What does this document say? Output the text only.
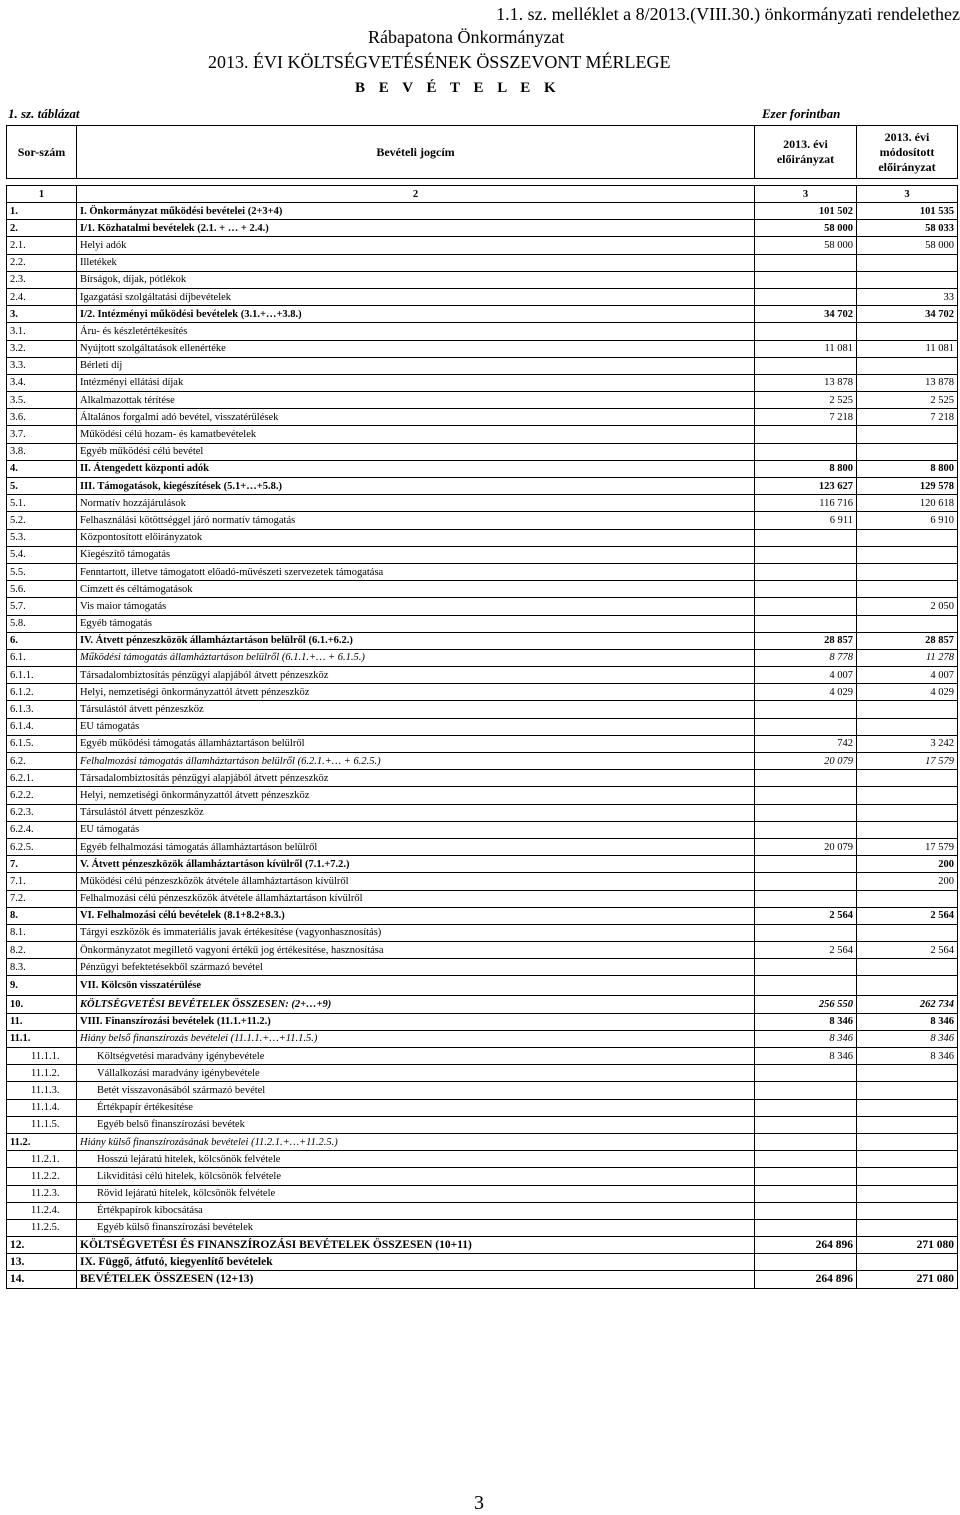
1.1. sz. melléklet a 8/2013.(VIII.30.) önkormányzati rendelethez
Rábapatona Önkormányzat
2013. ÉVI KÖLTSÉGVETÉSÉNEK ÖSSZEVONT MÉRLEGE
B E V É T E L E K
1. sz. táblázat	Ezer forintban
Sor-szám	Bevételi jogcím	2013. évi előirányzat	2013. évi módosított előirányzat

1	2	3	3
1.	I. Önkormányzat működési bevételei (2+3+4)	101 502	101 535
2.	I/1. Közhatalmi bevételek (2.1. + … + 2.4.)	58 000	58 033
2.1.	Helyi adók	58 000	58 000
2.2.	Illetékek		
2.3.	Bírságok, díjak, pótlékok		
2.4.	Igazgatási szolgáltatási díjbevételek		33
3.	I/2. Intézményi működési bevételek (3.1.+…+3.8.)	34 702	34 702
3.1.	Áru- és készletértékesítés		
3.2.	Nyújtott szolgáltatások ellenértéke	11 081	11 081
3.3.	Bérleti díj		
3.4.	Intézményi ellátási díjak	13 878	13 878
3.5.	Alkalmazottak térítése	2 525	2 525
3.6.	Általános forgalmi adó bevétel, visszatérülések	7 218	7 218
3.7.	Működési célú hozam- és kamatbevételek		
3.8.	Egyéb működési célú bevétel		
4.	II. Átengedett központi adók	8 800	8 800
5.	III. Támogatások, kiegészítések (5.1+…+5.8.)	123 627	129 578
5.1.	Normatív hozzájárulások	116 716	120 618
5.2.	Felhasználási kötöttséggel járó normatív támogatás	6 911	6 910
5.3.	Központosított előirányzatok		
5.4.	Kiegészítő támogatás		
5.5.	Fenntartott, illetve támogatott előadó-művészeti szervezetek támogatása		
5.6.	Címzett és céltámogatások		
5.7.	Vis maior támogatás		2 050
5.8.	Egyéb támogatás		
6.	IV. Átvett pénzeszközök államháztartáson belülről (6.1.+6.2.)	28 857	28 857
6.1.	Működési támogatás államháztartáson belülről (6.1.1.+… + 6.1.5.)	8 778	11 278
6.1.1.	Társadalombiztosítás pénzügyi alapjából átvett pénzeszköz	4 007	4 007
6.1.2.	Helyi, nemzetiségi önkormányzattól átvett pénzeszköz	4 029	4 029
6.1.3.	Társulástól átvett pénzeszköz		
6.1.4.	EU támogatás		
6.1.5.	Egyéb működési támogatás államháztartáson belülről	742	3 242
6.2.	Felhalmozási támogatás államháztartáson belülről (6.2.1.+… + 6.2.5.)	20 079	17 579
6.2.1.	Társadalombiztosítás pénzügyi alapjából átvett pénzeszköz		
6.2.2.	Helyi, nemzetiségi önkormányzattól átvett pénzeszköz		
6.2.3.	Társulástól átvett pénzeszköz		
6.2.4.	EU támogatás		
6.2.5.	Egyéb felhalmozási támogatás államháztartáson belülről	20 079	17 579
7.	V. Átvett pénzeszközök államháztartáson kívülről (7.1.+7.2.)		200
7.1.	Működési célú pénzeszközök átvétele államháztartáson kívülről		200
7.2.	Felhalmozási célú pénzeszközök átvétele államháztartáson kívülről		
8.	VI. Felhalmozási célú bevételek (8.1+8.2+8.3.)	2 564	2 564
8.1.	Tárgyi eszközök és immateriális javak értékesítése (vagyonhasznosítás)		
8.2.	Önkormányzatot megillető vagyoni értékű jog értékesítése, hasznosítása	2 564	2 564
8.3.	Pénzügyi befektetésekből származó bevétel		
9.	VII. Kölcsön visszatérülése		
10.	KÖLTSÉGVETÉSI BEVÉTELEK ÖSSZESEN: (2+…+9)	256 550	262 734
11.	VIII. Finanszírozási bevételek (11.1.+11.2.)	8 346	8 346
11.1.	Hiány belső finanszírozás bevételei (11.1.1.+…+11.1.5.)	8 346	8 346
11.1.1.	Költségvetési maradvány igénybevétele	8 346	8 346
11.1.2.	Vállalkozási maradvány igénybevétele		
11.1.3.	Betét visszavonásából származó bevétel		
11.1.4.	Értékpapír értékesítése		
11.1.5.	Egyéb belső finanszírozási bevétek		
11.2.	Hiány külső finanszírozásának bevételei (11.2.1.+…+11.2.5.)		
11.2.1.	Hosszú lejáratú hitelek, kölcsönök felvétele		
11.2.2.	Likviditási célú hitelek, kölcsönök felvétele		
11.2.3.	Rövid lejáratú hitelek, kölcsönök felvétele		
11.2.4.	Értékpapírok kibocsátása		
11.2.5.	Egyéb külső finanszírozási bevételek		
12.	KÖLTSÉGVETÉSI ÉS FINANSZÍROZÁSI BEVÉTELEK ÖSSZESEN (10+11)	264 896	271 080
13.	IX. Függő, átfutó, kiegyenlítő bevételek		
14.	BEVÉTELEK ÖSSZESEN (12+13)	264 896	271 080
3
